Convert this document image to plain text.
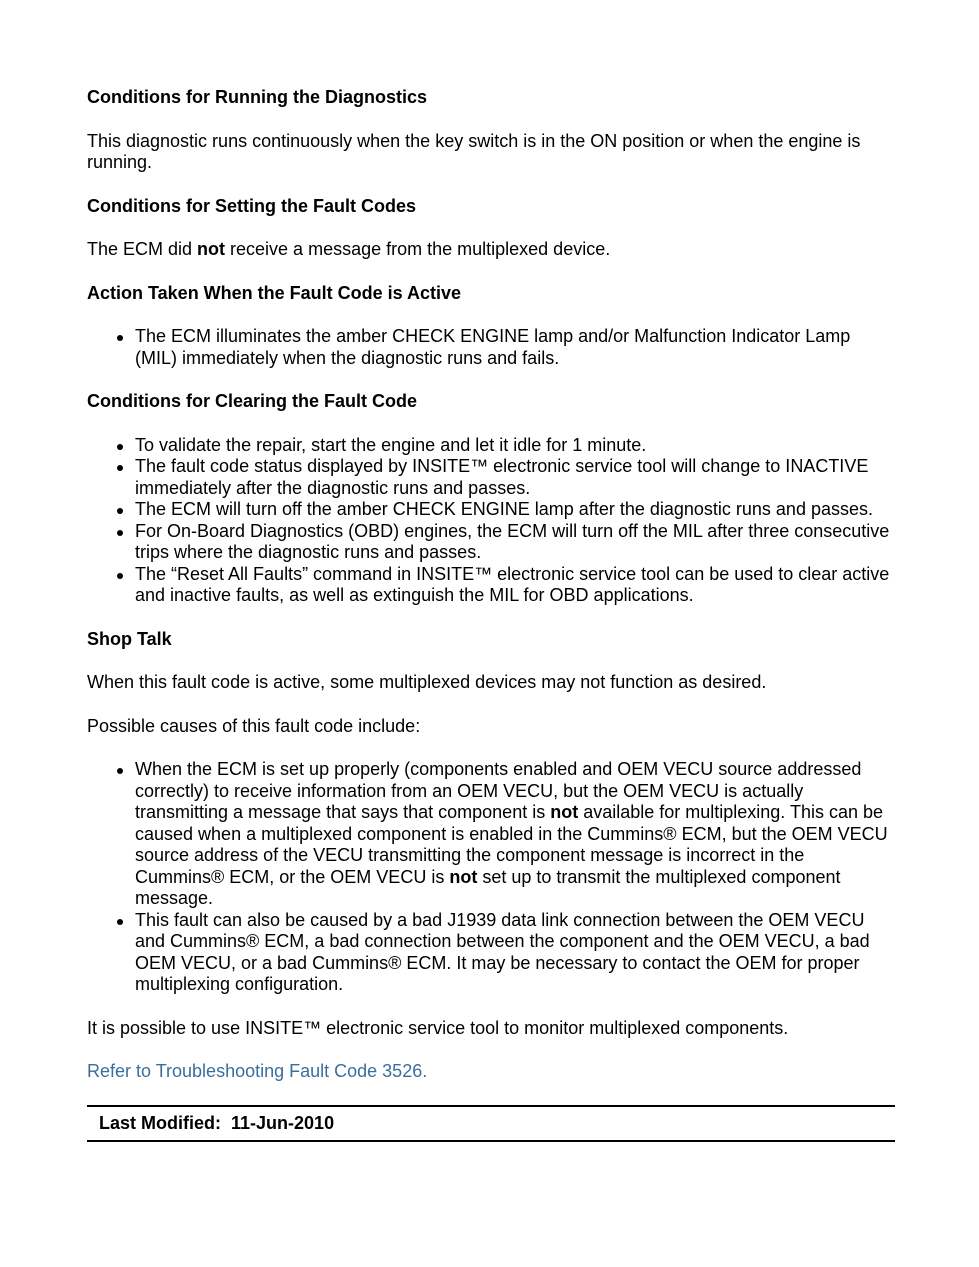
Conditions for Running the Diagnostics

This diagnostic runs continuously when the key switch is in the ON position or when the engine is running.

Conditions for Setting the Fault Codes

The ECM did not receive a message from the multiplexed device.

Action Taken When the Fault Code is Active
The ECM illuminates the amber CHECK ENGINE lamp and/or Malfunction Indicator Lamp (MIL) immediately when the diagnostic runs and fails.
Conditions for Clearing the Fault Code
To validate the repair, start the engine and let it idle for 1 minute.
The fault code status displayed by INSITE™ electronic service tool will change to INACTIVE immediately after the diagnostic runs and passes.
The ECM will turn off the amber CHECK ENGINE lamp after the diagnostic runs and passes.
For On-Board Diagnostics (OBD) engines, the ECM will turn off the MIL after three consecutive trips where the diagnostic runs and passes.
The “Reset All Faults” command in INSITE™ electronic service tool can be used to clear active and inactive faults, as well as extinguish the MIL for OBD applications.
Shop Talk

When this fault code is active, some multiplexed devices may not function as desired.

Possible causes of this fault code include:

When the ECM is set up properly (components enabled and OEM VECU source addressed correctly) to receive information from an OEM VECU, but the OEM VECU is actually transmitting a message that says that component is not available for multiplexing. This can be caused when a multiplexed component is enabled in the Cummins® ECM, but the OEM VECU source address of the VECU transmitting the component message is incorrect in the Cummins® ECM, or the OEM VECU is not set up to transmit the multiplexed component message.
This fault can also be caused by a bad J1939 data link connection between the OEM VECU and Cummins® ECM, a bad connection between the component and the OEM VECU, a bad OEM VECU, or a bad Cummins® ECM. It may be necessary to contact the OEM for proper multiplexing configuration.

It is possible to use INSITE™ electronic service tool to monitor multiplexed components.

Refer to Troubleshooting Fault Code 3526.

Last Modified: 11-Jun-2010
